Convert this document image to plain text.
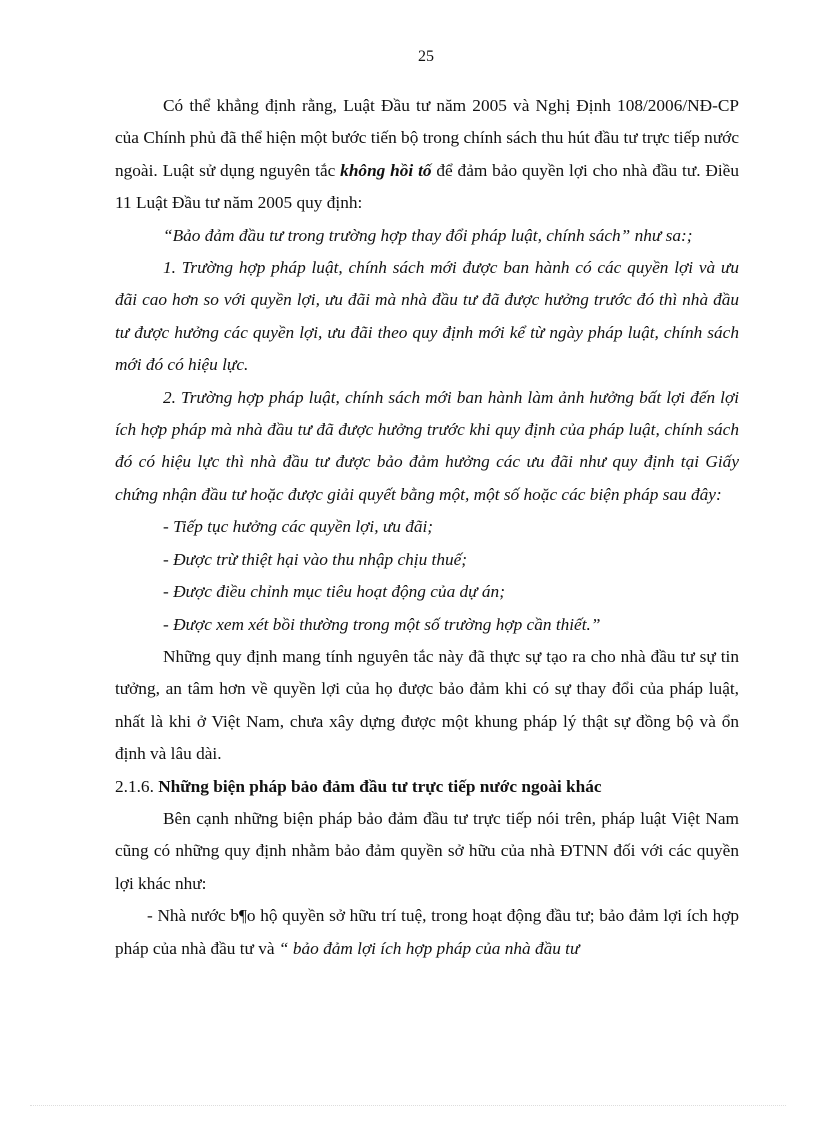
25

Có thể khẳng định rằng, Luật Đầu tư năm 2005 và Nghị Định 108/2006/NĐ-CP của Chính phủ đã thể hiện một bước tiến bộ trong chính sách thu hút đầu tư trực tiếp nước ngoài. Luật sử dụng nguyên tắc không hồi tố để đảm bảo quyền lợi cho nhà đầu tư. Điều 11 Luật Đầu tư năm 2005 quy định:

“Bảo đảm đầu tư trong trường hợp thay đổi pháp luật, chính sách” như sa:;

1. Trường hợp pháp luật, chính sách mới được ban hành có các quyền lợi và ưu đãi cao hơn so với quyền lợi, ưu đãi mà nhà đầu tư đã được hưởng trước đó thì nhà đầu tư được hưởng các quyền lợi, ưu đãi theo quy định mới kể từ ngày pháp luật, chính sách mới đó có hiệu lực.

2. Trường hợp pháp luật, chính sách mới ban hành làm ảnh hưởng bất lợi đến lợi ích hợp pháp mà nhà đầu tư đã được hưởng trước khi quy định của pháp luật, chính sách đó có hiệu lực thì nhà đầu tư được bảo đảm hưởng các ưu đãi như quy định tại Giấy chứng nhận đầu tư hoặc được giải quyết bằng một, một số hoặc các biện pháp sau đây:

- Tiếp tục hưởng các quyền lợi, ưu đãi;

- Được trừ thiệt hại vào thu nhập chịu thuế;

- Được điều chỉnh mục tiêu hoạt động của dự án;

- Được xem xét bồi thường trong một số trường hợp cần thiết.”

Những quy định mang tính nguyên tắc này đã thực sự tạo ra cho nhà đầu tư sự tin tưởng, an tâm hơn về quyền lợi của họ được bảo đảm khi có sự thay đổi của pháp luật, nhất là khi ở Việt Nam, chưa xây dựng được một khung pháp lý thật sự đồng bộ và ổn định và lâu dài.

2.1.6. Những biện pháp bảo đảm đầu tư trực tiếp nước ngoài khác

Bên cạnh những biện pháp bảo đảm đầu tư trực tiếp nói trên, pháp luật Việt Nam cũng có những quy định nhằm bảo đảm quyền sở hữu của nhà ĐTNN đối với các quyền lợi khác như:

- Nhà nước b¶o hộ quyền sở hữu trí tuệ, trong hoạt động đầu tư; bảo đảm lợi ích hợp pháp của nhà đầu tư và “ bảo đảm lợi ích hợp pháp của nhà đầu tư
